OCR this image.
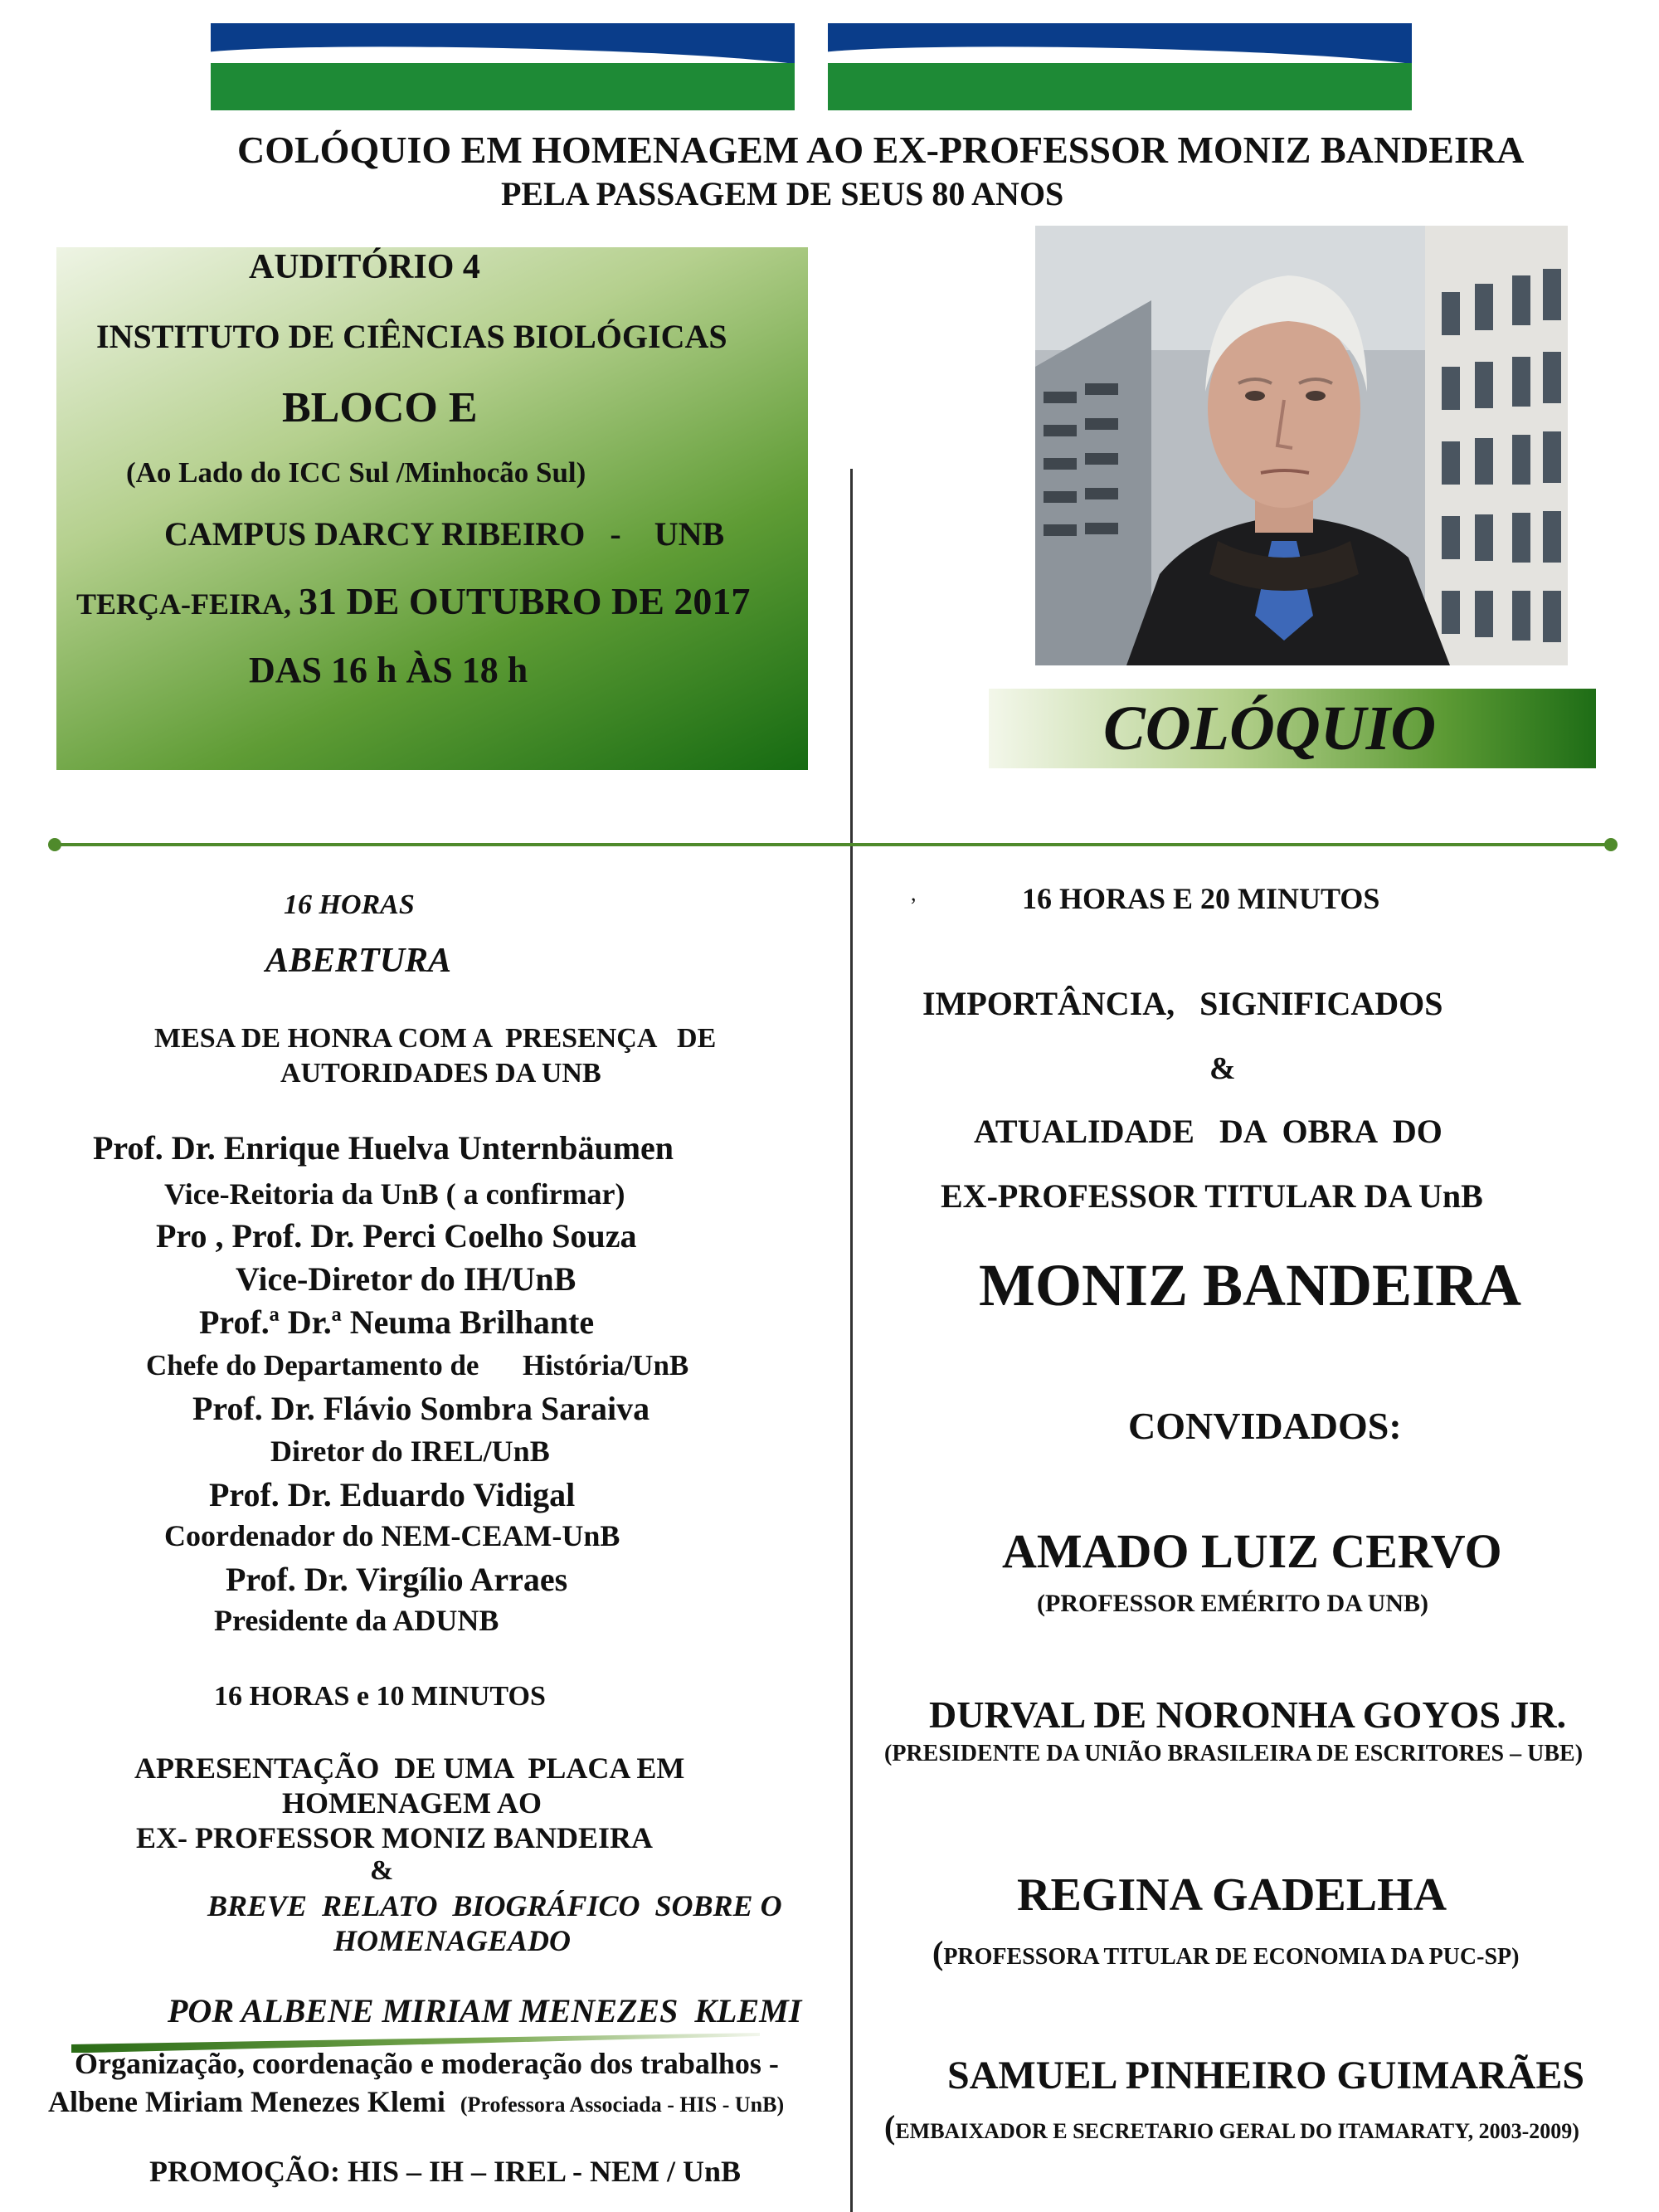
COLÓQUIO EM HOMENAGEM AO EX-PROFESSOR MONIZ BANDEIRA
PELA PASSAGEM DE SEUS 80 ANOS
AUDITÓRIO 4
INSTITUTO DE CIÊNCIAS BIOLÓGICAS
BLOCO E
(Ao Lado do ICC Sul /Minhocão Sul)
CAMPUS DARCY RIBEIRO   -    UNB
TERÇA-FEIRA, 31 DE OUTUBRO DE 2017
DAS 16 h ÀS 18 h
COLÓQUIO
16 HORAS
ABERTURA
MESA DE HONRA COM A  PRESENÇA   DE
AUTORIDADES DA UNB
Prof. Dr. Enrique Huelva Unternbäumen
Vice-Reitoria da UnB ( a confirmar)
Pro , Prof. Dr. Perci Coelho Souza
Vice-Diretor do IH/UnB
Prof.ª Dr.ª Neuma Brilhante
Chefe do Departamento de      História/UnB
Prof. Dr. Flávio Sombra Saraiva
Diretor do IREL/UnB
Prof. Dr. Eduardo Vidigal
Coordenador do NEM-CEAM-UnB
Prof. Dr. Virgílio Arraes
Presidente da ADUNB
16 HORAS e 10 MINUTOS
APRESENTAÇÃO  DE UMA  PLACA EM
HOMENAGEM AO
EX- PROFESSOR MONIZ BANDEIRA
&
BREVE  RELATO  BIOGRÁFICO  SOBRE O
HOMENAGEADO
POR ALBENE MIRIAM MENEZES  KLEMI
Organização, coordenação e moderação dos trabalhos -
Albene Miriam Menezes Klemi (Professora Associada - HIS - UnB)
PROMOÇÃO: HIS – IH – IREL - NEM / UnB
,	16 HORAS E 20 MINUTOS
IMPORTÂNCIA,   SIGNIFICADOS
&
ATUALIDADE   DA  OBRA  DO
EX-PROFESSOR TITULAR DA UnB
MONIZ BANDEIRA
CONVIDADOS:
AMADO LUIZ CERVO
(PROFESSOR EMÉRITO DA UNB)
DURVAL DE NORONHA GOYOS JR.
(PRESIDENTE DA UNIÃO BRASILEIRA DE ESCRITORES – UBE)
REGINA GADELHA
(PROFESSORA TITULAR DE ECONOMIA DA PUC-SP)
SAMUEL PINHEIRO GUIMARÃES
(EMBAIXADOR E SECRETARIO GERAL DO ITAMARATY, 2003-2009)
